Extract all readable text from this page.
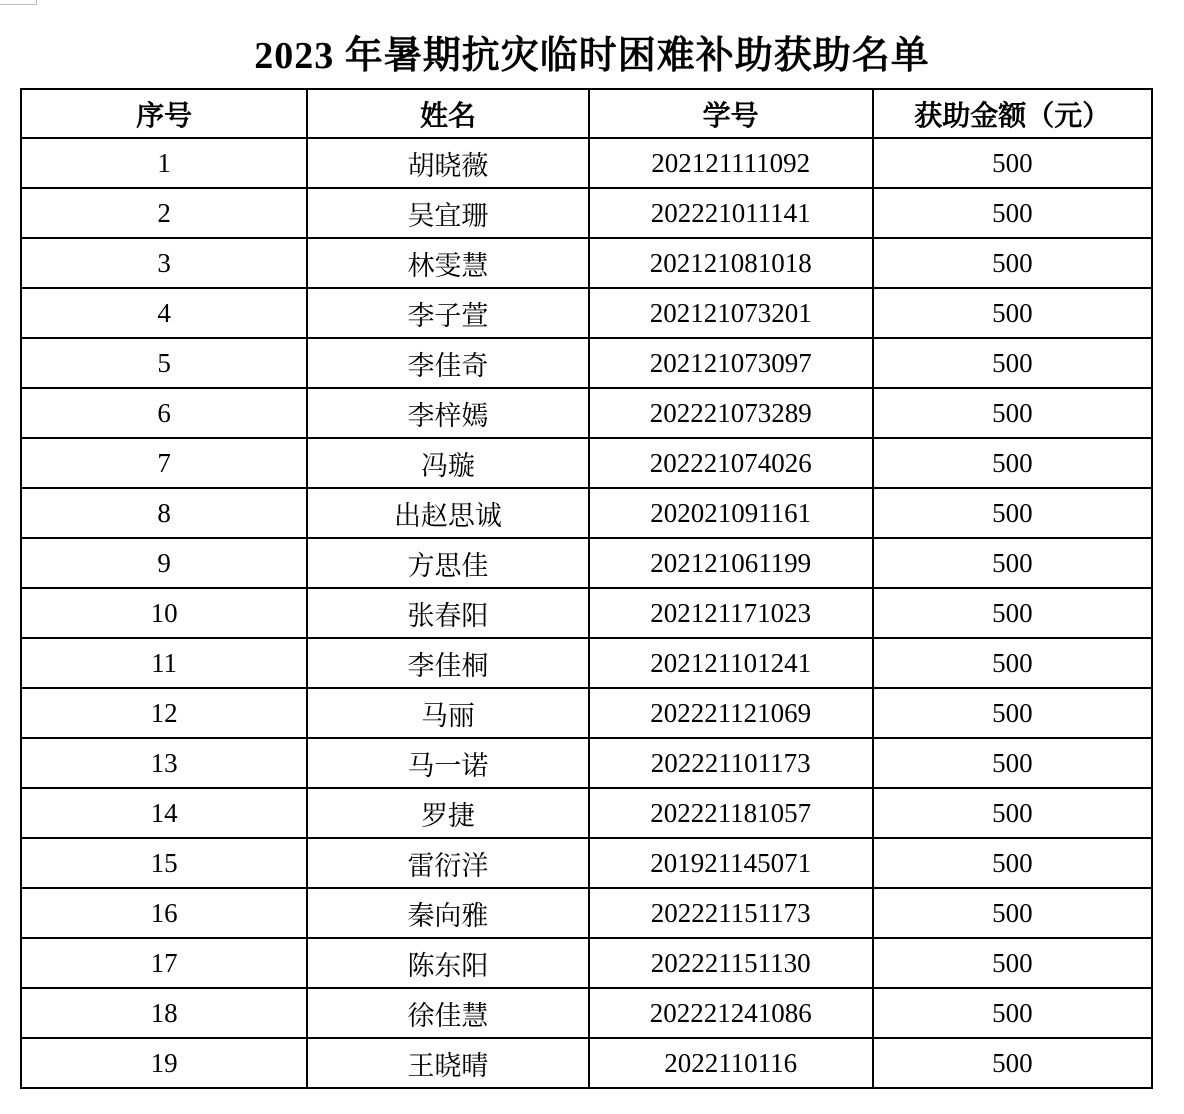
2023 年暑期抗灾临时困难补助获助名单
序号	姓名	学号	获助金额（元）
1	胡晓薇	202121111092	500
2	吴宜珊	202221011141	500
3	林雯慧	202121081018	500
4	李子萱	202121073201	500
5	李佳奇	202121073097	500
6	李梓嫣	202221073289	500
7	冯璇	202221074026	500
8	出赵思诚	202021091161	500
9	方思佳	202121061199	500
10	张春阳	202121171023	500
11	李佳桐	202121101241	500
12	马丽	202221121069	500
13	马一诺	202221101173	500
14	罗捷	202221181057	500
15	雷衍洋	201921145071	500
16	秦向雅	202221151173	500
17	陈东阳	202221151130	500
18	徐佳慧	202221241086	500
19	王晓晴	2022110116	500
